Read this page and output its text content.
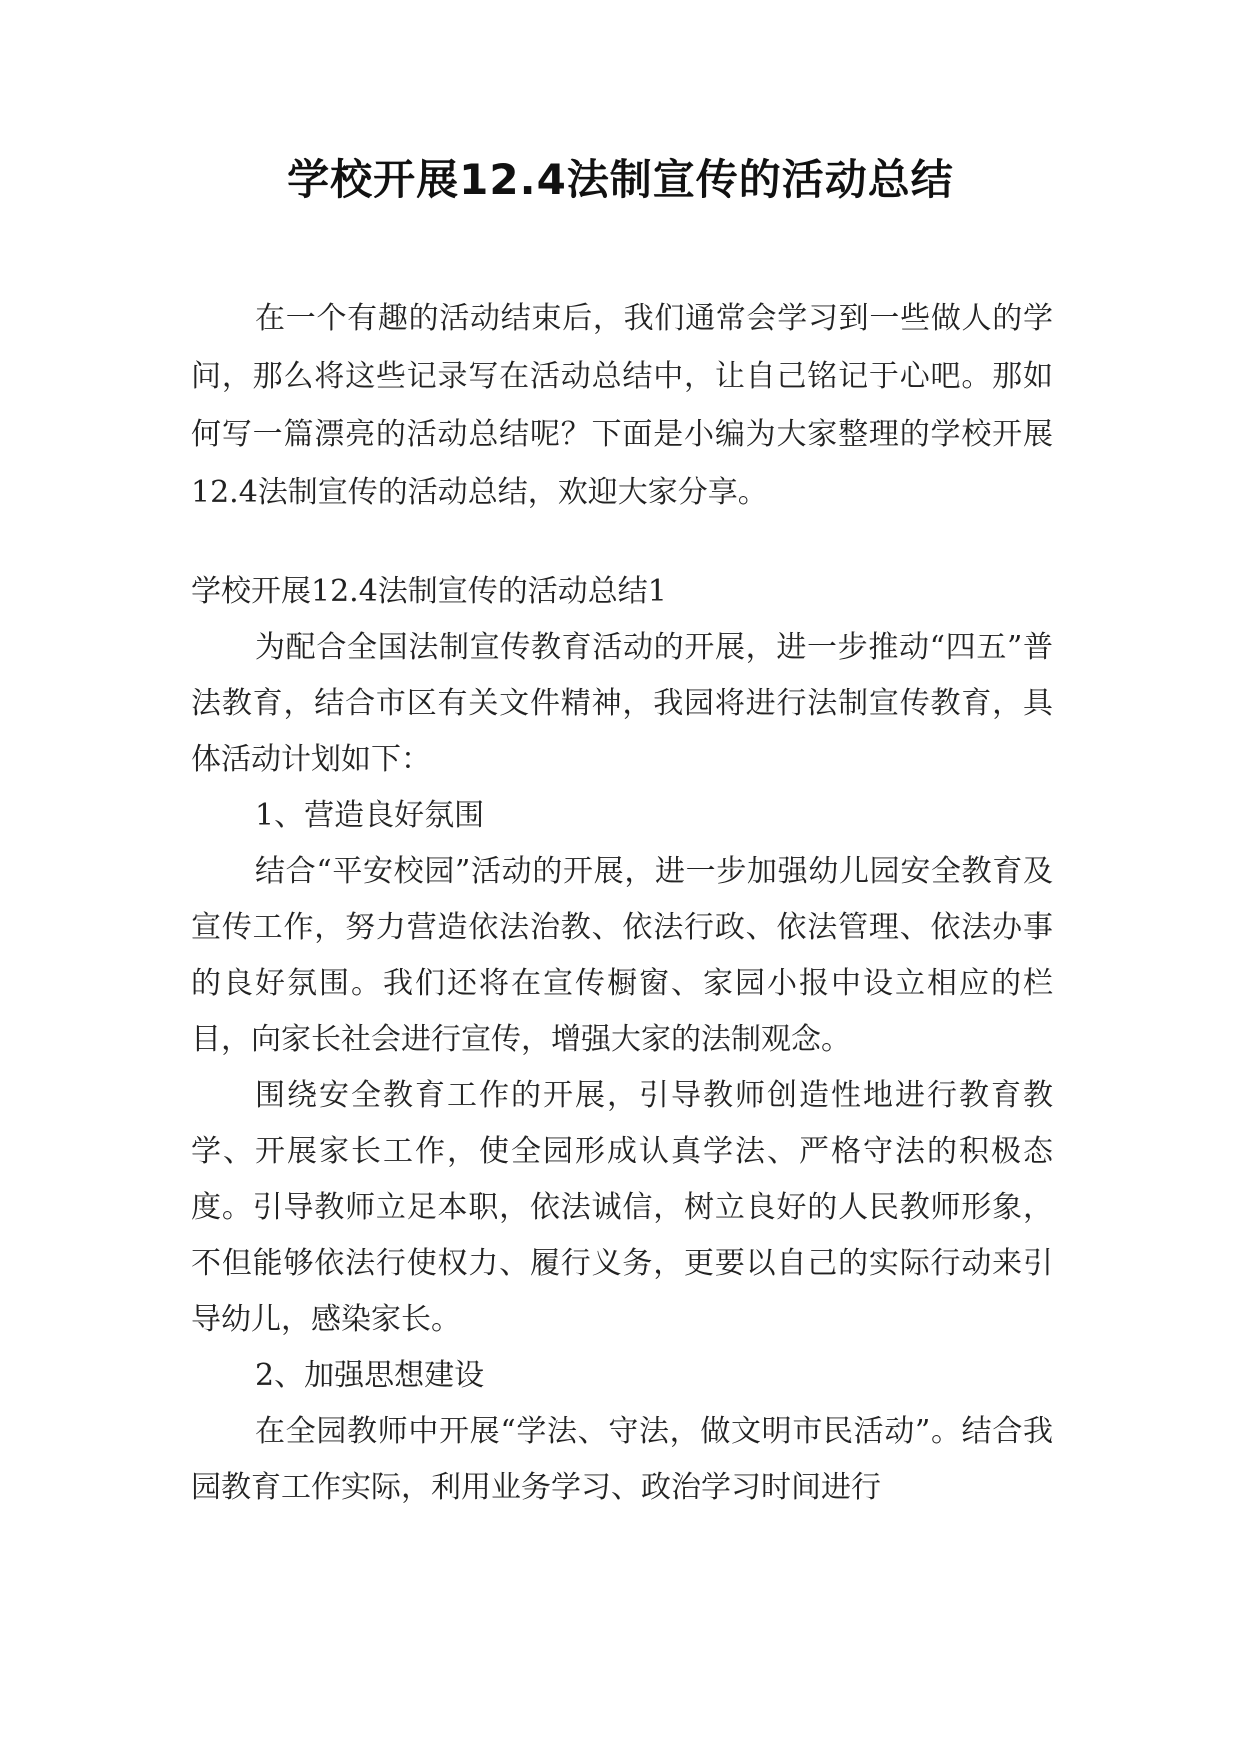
学校开展12.4法制宣传的活动总结

在一个有趣的活动结束后，我们通常会学习到一些做人的学问，那么将这些记录写在活动总结中，让自己铭记于心吧。那如何写一篇漂亮的活动总结呢？下面是小编为大家整理的学校开展12.4法制宣传的活动总结，欢迎大家分享。

学校开展12.4法制宣传的活动总结1

为配合全国法制宣传教育活动的开展，进一步推动“四五”普法教育，结合市区有关文件精神，我园将进行法制宣传教育，具体活动计划如下：

1、营造良好氛围

结合“平安校园”活动的开展，进一步加强幼儿园安全教育及宣传工作，努力营造依法治教、依法行政、依法管理、依法办事的良好氛围。我们还将在宣传橱窗、家园小报中设立相应的栏目，向家长社会进行宣传，增强大家的法制观念。

围绕安全教育工作的开展，引导教师创造性地进行教育教学、开展家长工作，使全园形成认真学法、严格守法的积极态度。引导教师立足本职，依法诚信，树立良好的人民教师形象，不但能够依法行使权力、履行义务，更要以自己的实际行动来引导幼儿，感染家长。

2、加强思想建设

在全园教师中开展“学法、守法，做文明市民活动”。结合我园教育工作实际，利用业务学习、政治学习时间进行
